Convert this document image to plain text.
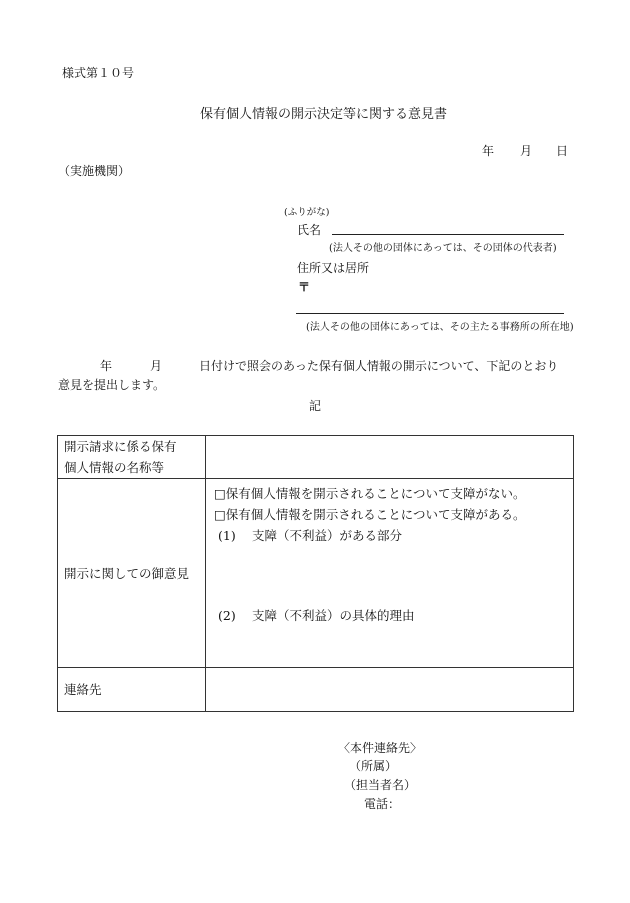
様式第１０号
保有個人情報の開示決定等に関する意見書
年 月 日
（実施機関）
(ふりがな)
氏名
(法人その他の団体にあっては、その団体の代表者)
住所又は居所
〒
(法人その他の団体にあっては、その主たる事務所の所在地)
年	月	日付けで照会のあった保有個人情報の開示について、下記のとおり
意見を提出します。
記
開示請求に係る保有
個人情報の名称等	

開示に関しての御意見	□保有個人情報を開示されることについて支障がない。
□保有個人情報を開示されることについて支障がある。
(1) 支障（不利益）がある部分
(2) 支障（不利益）の具体的理由

連絡先	
〈本件連絡先〉
（所属）
（担当者名）
電話：
